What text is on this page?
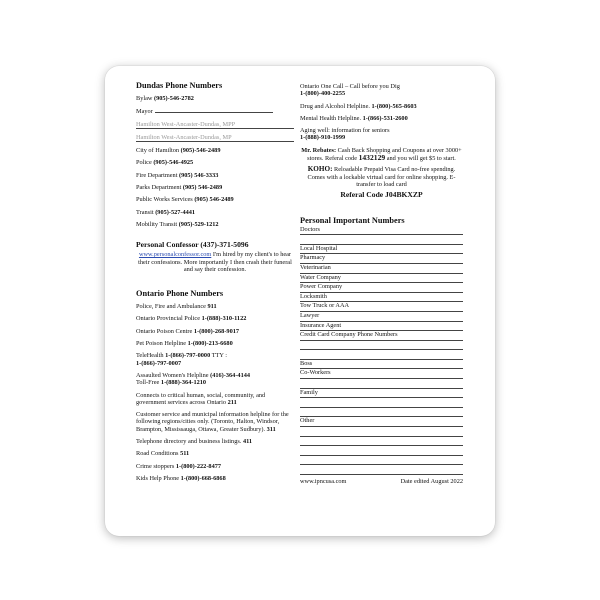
Dundas Phone Numbers
Bylaw (905)-546-2782
Mayor
Hamilton West-Ancaster-Dundas, MPP
Hamilton West-Ancaster-Dundas, MP
City of Hamilton (905)-546-2489
Police (905)-546-4925
Fire Department (905) 546-3333
Parks Department (905) 546-2489
Public Works Services (905) 546-2489
Transit (905)-527-4441
Mobility Transit (905)-529-1212
Personal Confessor (437)-371-5096
www.personalconfessor.com I'm hired by my client's to hear their confessions. More importantly I then crash their funeral and say their confession.
Ontario Phone Numbers
Police, Fire and Ambulance 911
Ontario Provincial Police 1-(888)-310-1122
Ontario Poison Centre 1-(800)-268-9017
Pet Poison Helpline 1-(800)-213-6680
TeleHealth 1-(866)-797-0000 TTY :
1-(866)-797-0007
Assaulted Women's Helpline (416)-364-4144
Toll-Free 1-(888)-364-1210
Connects to critical human, social, community, and government services across Ontario 211
Customer service and municipal information helpline for the following regions/cities only. (Toronto, Halton, Windsor, Brampton, Mississauga, Ottawa, Greater Sudbury). 311
Telephone directory and business listings. 411
Road Conditions 511
Crime stoppers 1-(800)-222-8477
Kids Help Phone 1-(800)-668-6868
Ontario One Call – Call before you Dig
1-(800)-400-2255
Drug and Alcohol Helpline. 1-(800)-565-8603
Mental Health Helpline. 1-(866)-531-2600
Aging well: information for seniors
1-(888)-910-1999
Mr. Rebates: Cash Back Shopping and Coupons at over 3000+ stores. Referal code 1432129 and you will get $5 to start.
KOHO: Reloadable Prepaid Visa Card no-free spending. Comes with a lockable virtual card for online shopping. E-transfer to load card
Referal Code J04BKXZP
Personal Important Numbers
Doctors
Local Hospital
Pharmacy
Veterinarian
Water Company
Power Company
Locksmith
Tow Truck or AAA
Lawyer
Insurance Agent
Credit Card Company Phone Numbers
Boss
Co-Workers
Family
Other
www.ipncusa.com	Date edited August 2022
